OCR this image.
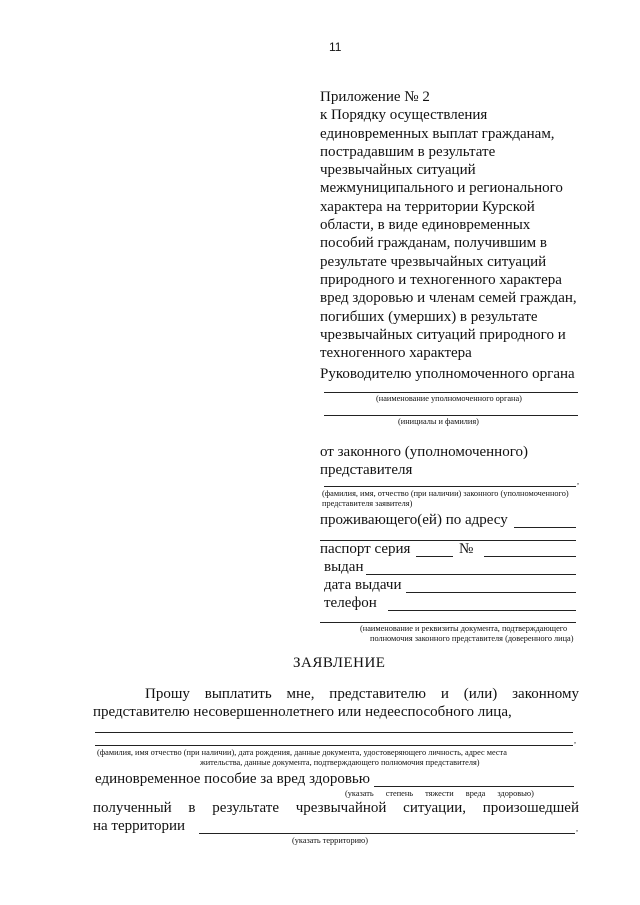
11
Приложение № 2
к Порядку осуществления
единовременных выплат гражданам,
пострадавшим в результате
чрезвычайных ситуаций
межмуниципального и регионального
характера на территории Курской
области, в виде единовременных
пособий гражданам, получившим в
результате чрезвычайных ситуаций
природного и техногенного характера
вред здоровью и членам семей граждан,
погибших (умерших) в результате
чрезвычайных ситуаций природного и
техногенного характера
Руководителю уполномоченного органа
(наименование уполномоченного органа)
(инициалы и фамилия)
от законного (уполномоченного)
представителя
,
(фамилия, имя, отчество (при наличии) законного (уполномоченного)
представителя заявителя)
проживающего(ей) по адресу
паспорт серия	№
выдан
дата выдачи
телефон
(наименование и реквизиты документа, подтверждающего
полномочия законного представителя (доверенного лица)
ЗАЯВЛЕНИЕ
Прошу выплатить мне, представителю и (или) законному
представителю несовершеннолетнего или недееспособного лица,
,
(фамилия, имя отчество (при наличии), дата рождения, данные документа, удостоверяющего личность, адрес места
жительства, данные документа, подтверждающего полномочия представителя)
единовременное пособие за вред здоровью
(указать степень тяжести вреда здоровью)
полученный в результате чрезвычайной ситуации, произошедшей
на территории	,
(указать территорию)
